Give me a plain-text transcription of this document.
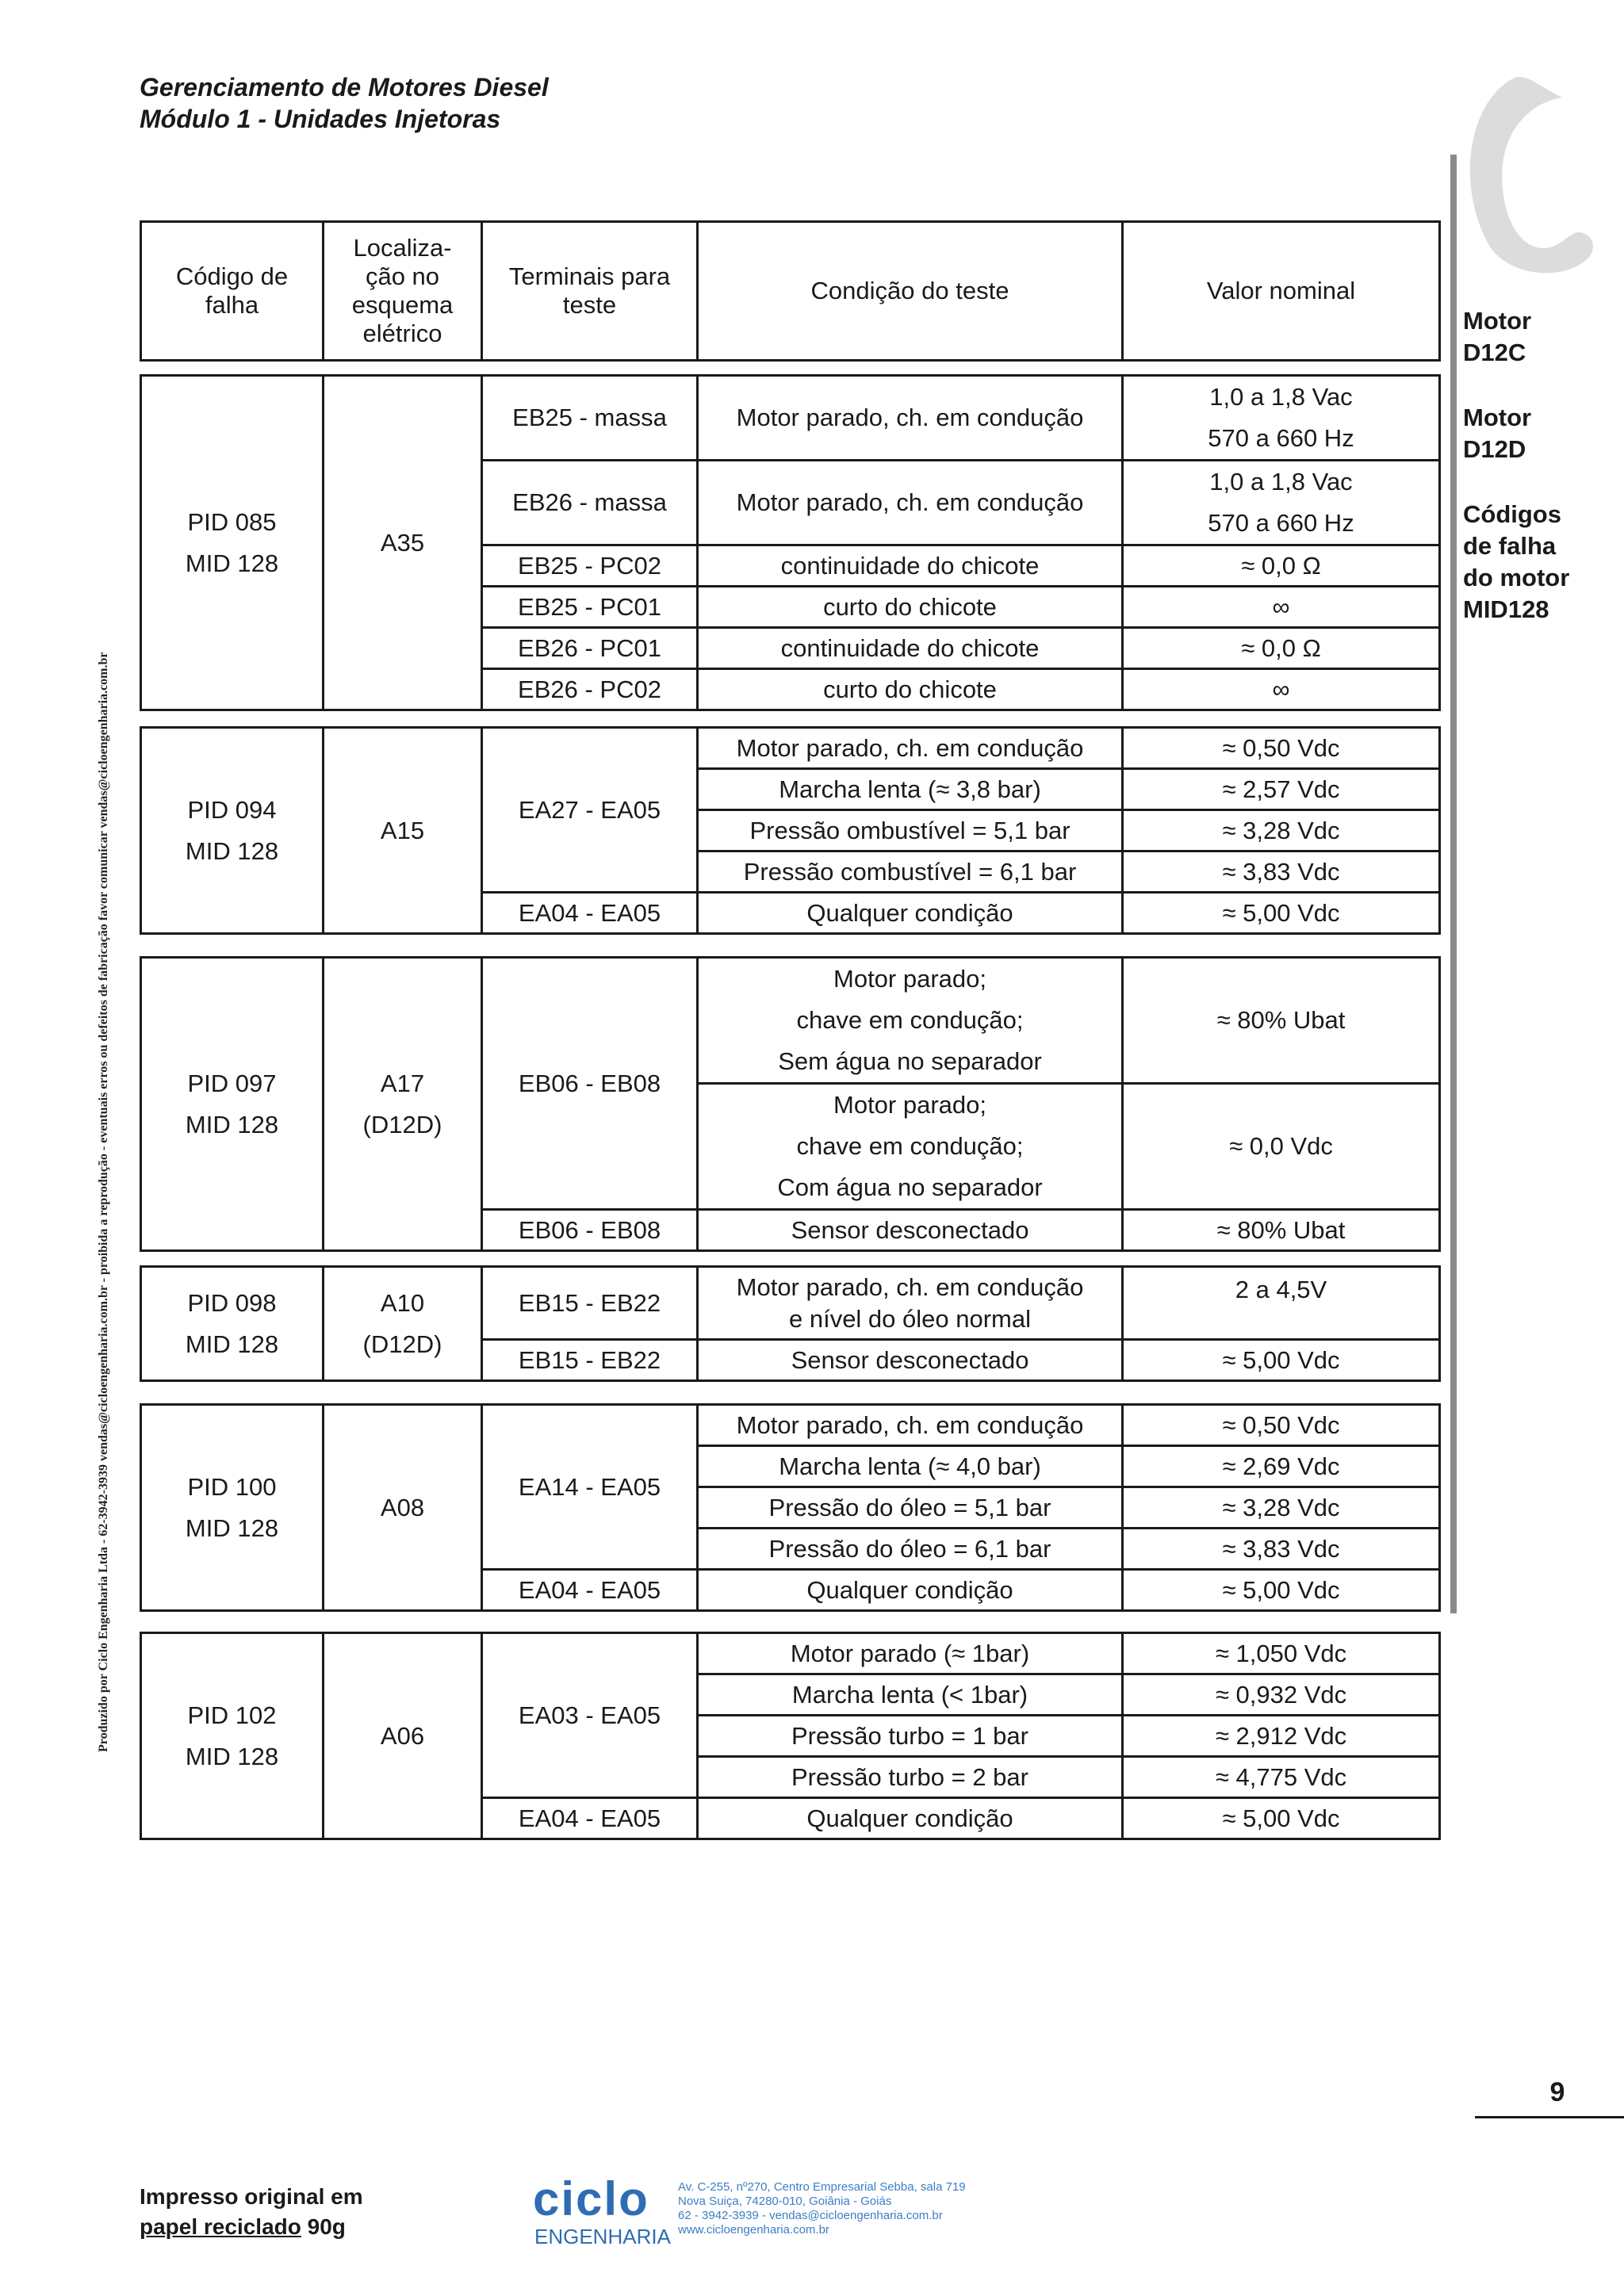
Gerenciamento de Motores Diesel
Módulo 1 - Unidades Injetoras
Produzido por Ciclo Engenharia Ltda - 62-3942-3939 vendas@cicloengenharia.com.br - proibida a reprodução - eventuais erros ou defeitos de fabricação favor comunicar vendas@cicloengenharia.com.br
Motor
D12C
Motor
D12D
Códigos
de falha
do motor
MID128
Código de
falha	Localiza-
ção no
esquema
elétrico	Terminais para
teste	Condição do teste	Valor nominal
PID 085
MID 128	A35	EB25 - massa	Motor parado, ch. em condução	1,0 a 1,8 Vac
570 a 660 Hz
		EB26 - massa	Motor parado, ch. em condução	1,0 a 1,8 Vac
570 a 660 Hz
		EB25 - PC02	continuidade do chicote	≈ 0,0 Ω
		EB25 - PC01	curto do chicote	∞
		EB26 - PC01	continuidade do chicote	≈ 0,0 Ω
		EB26 - PC02	curto do chicote	∞
PID 094
MID 128	A15	EA27 - EA05	Motor parado, ch. em condução	≈ 0,50 Vdc
			Marcha lenta (≈ 3,8 bar)	≈ 2,57 Vdc
			Pressão ombustível = 5,1 bar	≈ 3,28 Vdc
			Pressão combustível = 6,1 bar	≈ 3,83 Vdc
		EA04 - EA05	Qualquer condição	≈ 5,00 Vdc
PID 097
MID 128	A17
(D12D)	EB06 - EB08	Motor parado;
chave em condução;
Sem água no separador	≈ 80% Ubat
			Motor parado;
chave em condução;
Com água no separador	≈ 0,0 Vdc
		EB06 - EB08	Sensor desconectado	≈ 80% Ubat
PID 098
MID 128	A10
(D12D)	EB15 - EB22	Motor parado, ch. em condução
e nível do óleo normal	2 a 4,5V
		EB15 - EB22	Sensor desconectado	≈ 5,00 Vdc
PID 100
MID 128	A08	EA14 - EA05	Motor parado, ch. em condução	≈ 0,50 Vdc
			Marcha lenta (≈ 4,0 bar)	≈ 2,69 Vdc
			Pressão do óleo = 5,1 bar	≈ 3,28 Vdc
			Pressão do óleo = 6,1 bar	≈ 3,83 Vdc
		EA04 - EA05	Qualquer condição	≈ 5,00 Vdc
PID 102
MID 128	A06	EA03 - EA05	Motor parado (≈ 1bar)	≈ 1,050 Vdc
			Marcha lenta (< 1bar)	≈ 0,932 Vdc
			Pressão turbo = 1 bar	≈ 2,912 Vdc
			Pressão turbo = 2 bar	≈ 4,775 Vdc
		EA04 - EA05	Qualquer condição	≈ 5,00 Vdc
9
Impresso original em
papel reciclado 90g
ciclo
ENGENHARIA
Av. C-255, nº270, Centro Empresarial Sebba, sala 719
Nova Suiça, 74280-010, Goiânia - Goiás
62 - 3942-3939 - vendas@cicloengenharia.com.br
www.cicloengenharia.com.br
